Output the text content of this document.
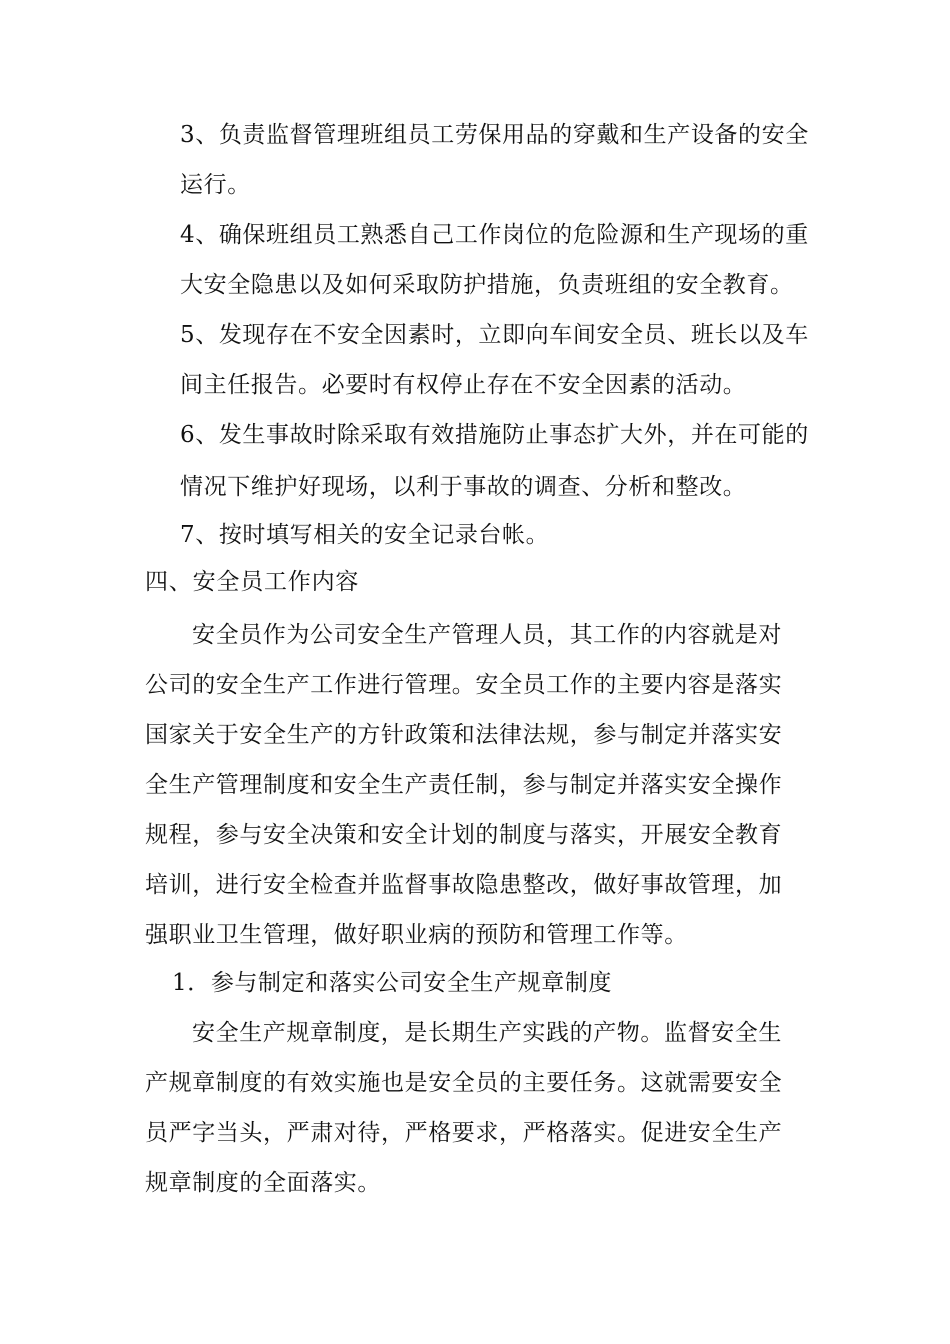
3、负责监督管理班组员工劳保用品的穿戴和生产设备的安全
运行。
4、确保班组员工熟悉自己工作岗位的危险源和生产现场的重
大安全隐患以及如何采取防护措施，负责班组的安全教育。
5、发现存在不安全因素时，立即向车间安全员、班长以及车
间主任报告。必要时有权停止存在不安全因素的活动。
6、发生事故时除采取有效措施防止事态扩大外，并在可能的
情况下维护好现场，以利于事故的调查、分析和整改。
7、按时填写相关的安全记录台帐。
四、安全员工作内容
安全员作为公司安全生产管理人员，其工作的内容就是对
公司的安全生产工作进行管理。安全员工作的主要内容是落实
国家关于安全生产的方针政策和法律法规，参与制定并落实安
全生产管理制度和安全生产责任制，参与制定并落实安全操作
规程，参与安全决策和安全计划的制度与落实，开展安全教育
培训，进行安全检查并监督事故隐患整改，做好事故管理，加
强职业卫生管理，做好职业病的预防和管理工作等。
1．参与制定和落实公司安全生产规章制度
安全生产规章制度，是长期生产实践的产物。监督安全生
产规章制度的有效实施也是安全员的主要任务。这就需要安全
员严字当头，严肃对待，严格要求，严格落实。促进安全生产
规章制度的全面落实。
